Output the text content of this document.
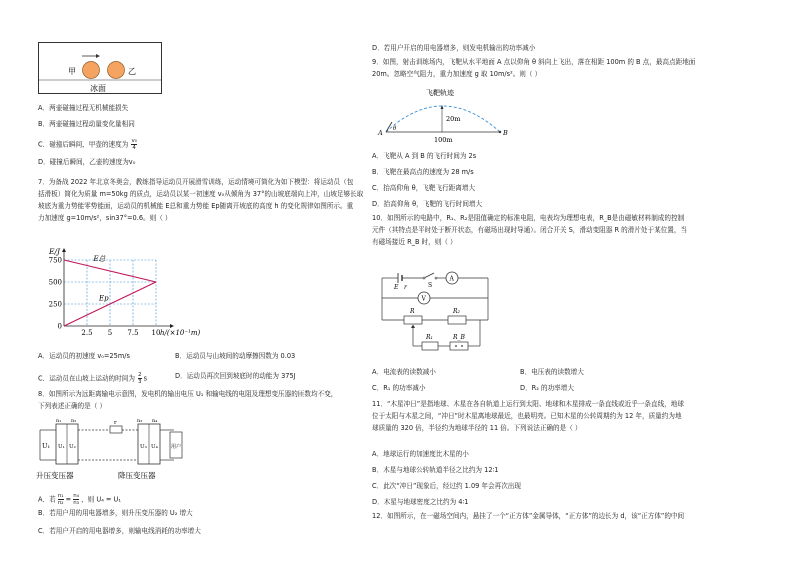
甲	乙
冰面
A．两壶碰撞过程无机械能损失
B．两壶碰撞过程动量变化量相同
C．碰撞后瞬间，甲壶的速度为 $\frac{\text{v₀}}{4}$
D．碰撞后瞬间，乙壶的速度为v₀
7．为备战 2022 年北京冬奥会，教练指导运动员开展滑雪训练，运动情境可简化为如下模型：将运动员（包
括滑板）简化为质量 m=50kg 的质点，运动员以某一初速度 v₀从倾角为 37°的山坡底端向上冲，山坡足够长取
坡底为重力势能零势能面，运动员的机械能 E总和重力势能 Ep随离开坡底的高度 h 的变化规律如图所示。重
力加速度 g=10m/s²，sin37°=0.6。则（ ）
0
250
500
750
2.5 5 7.5 10
E/J
h/(×10⁻¹m)
E总
Ep
A．运动员的初速度 v₀=25m/s	B．运动员与山坡间的动摩擦因数为 0.03
C．运动员在山坡上运动的时间为 $\frac{2}{3}$ s	D．运动员再次回到坡底时的动能为 375J
8．如图所示为远距离输电示意图，发电机的输出电压 U₁ 和输电线的电阻及理想变压器的匝数均不变，
下列表述正确的是（ ）
U₁
n₁ n₂
U₁ U₂
r	n₃ n₄
U₃ U₄	用户
升压变压器	降压变压器
A．若 $\frac{\text{n₁}}{\text{n₂}} = \frac{\text{n₄}}{\text{n₃}}$ ，则 U₄ = U₁
B．若用户用的用电器增多，则升压变压器的 U₂ 增大
C．若用户开启的用电器增多，则输电线消耗的功率增大
D．若用户开启的用电器增多，则发电机输出的功率减小
9．如图，射击训练场内，飞靶从水平地面 A 点以仰角 θ 斜向上飞出，落在相距 100m 的 B 点，最高点距地面
20m。忽略空气阻力，重力加速度 g 取 10m/s²。则（ ）
飞靶轨迹
20m
100m
A	B
θ
A．飞靶从 A 到 B 的飞行时间为 2s
B．飞靶在最高点的速度为 28 m/s
C．抬高仰角 θ，飞靶飞行距离增大
D．抬高仰角 θ，飞靶的飞行时间增大
10．如图所示的电路中，R₁、R₂是阻值确定的标准电阻，电表均为理想电表，R_B是由磁敏材料制成的控制
元件（其特点是平时处于断开状态，有磁场出现时导通）。闭合开关 S，滑动变阻器 R 的滑片处于某位置，当
有磁场接近 R_B 时，则（ ）
E r	S
A
V
R	R₂
R₁	R_B
A．电流表的读数减小	B．电压表的读数增大
C．R₁ 的功率减小	D．R₂ 的功率增大
11．“木星冲日”是指地球、木星在各自轨道上运行到太阳、地球和木星排成一条直线或近乎一条直线，地球
位于太阳与木星之间，“冲日”时木星离地球最近，也最明亮。已知木星的公转周期约为 12 年，质量约为地
球质量的 320 倍，半径约为地球半径的 11 倍。下列说法正确的是（ ）
A．地球运行的加速度比木星的小
B．木星与地球公转轨道半径之比约为 12∶1
C．此次“冲日”现象后，经过约 1.09 年会再次出现
D．木星与地球密度之比约为 4∶1
12．如图所示，在一磁场空间内，悬挂了一个“正方体”金属导体，“正方体”的边长为 d，该“正方体”的中间
